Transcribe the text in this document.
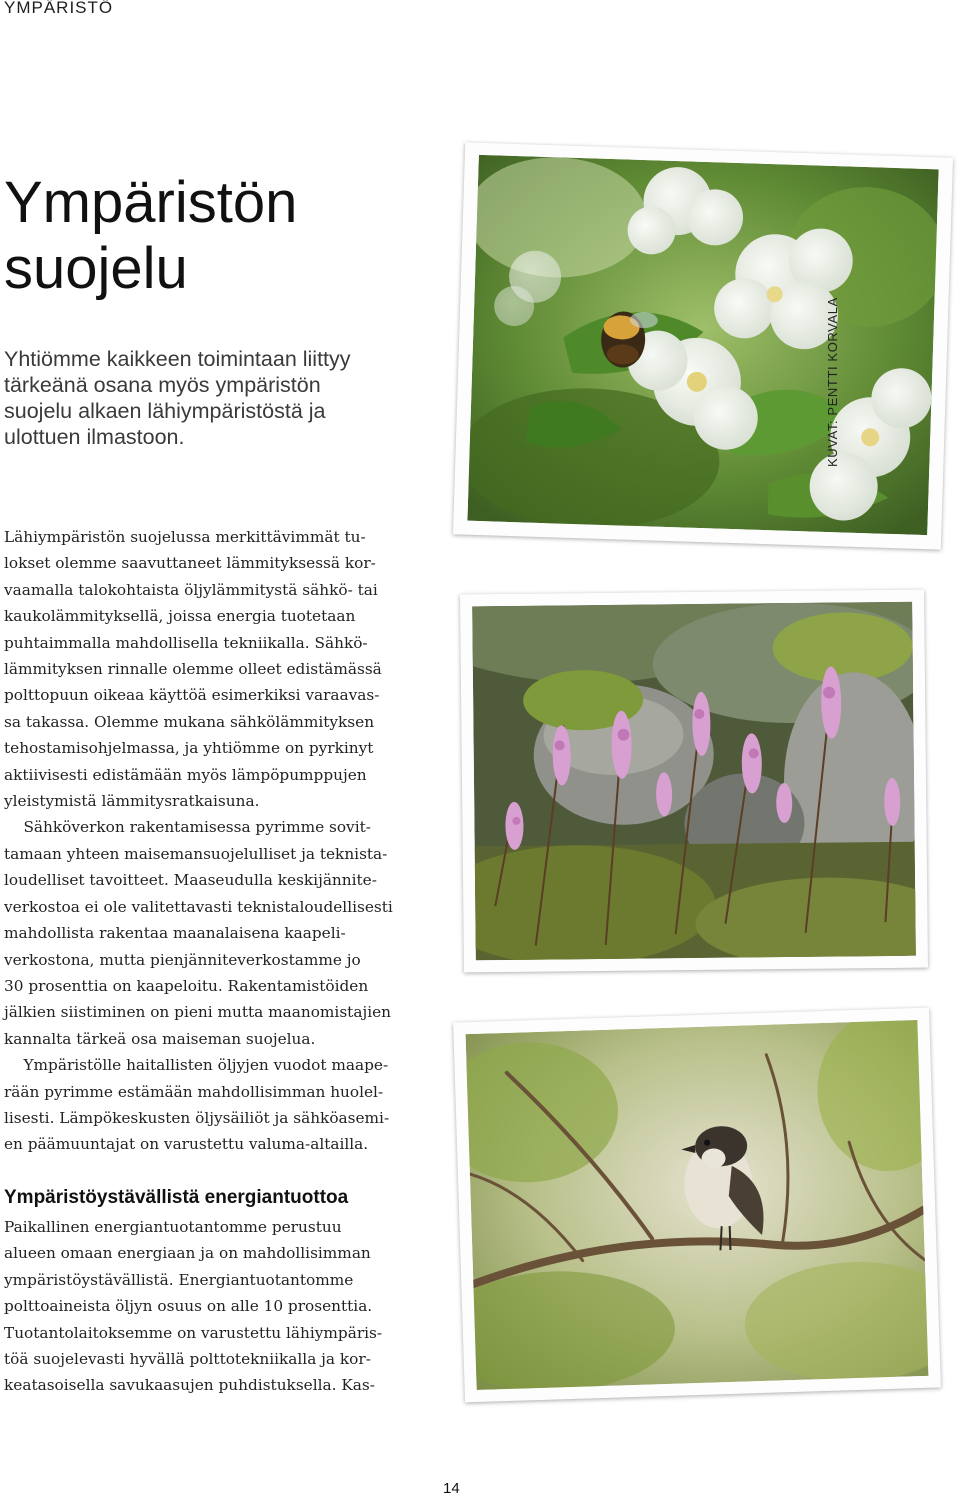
YMPÄRISTÖ
Ympäristön
suojelu
Yhtiömme kaikkeen toimintaan liittyy
tärkeänä osana myös ympäristön
suojelu alkaen lähiympäristöstä ja
ulottuen ilmastoon.

Lähiympäristön suojelussa merkittävimmät tu-

lokset olemme saavuttaneet lämmityksessä kor-

vaamalla talokohtaista öljylämmitystä sähkö- tai

kaukolämmityksellä, joissa energia tuotetaan

puhtaimmalla mahdollisella tekniikalla. Sähkö-

lämmityksen rinnalle olemme olleet edistämässä

polttopuun oikeaa käyttöä esimerkiksi varaavas-

sa takassa. Olemme mukana sähkölämmityksen

tehostamisohjelmassa, ja yhtiömme on pyrkinyt

aktiivisesti edistämään myös lämpöpumppujen

yleistymistä lämmitysratkaisuna.

Sähköverkon rakentamisessa pyrimme sovit-

tamaan yhteen maisemansuojelulliset ja teknista-

loudelliset tavoitteet. Maaseudulla keskijännite-

verkostoa ei ole valitettavasti teknistaloudellisesti

mahdollista rakentaa maanalaisena kaapeli-

verkostona, mutta pienjänniteverkostamme jo

30 prosenttia on kaapeloitu. Rakentamistöiden

jälkien siistiminen on pieni mutta maanomistajien

kannalta tärkeä osa maiseman suojelua.

Ympäristölle haitallisten öljyjen vuodot maape-

rään pyrimme estämään mahdollisimman huolel-

lisesti. Lämpökeskusten öljysäiliöt ja sähköasemi-

en päämuuntajat on varustettu valuma-altailla.

Ympäristöystävällistä energiantuottoa

Paikallinen energiantuotantomme perustuu

alueen omaan energiaan ja on mahdollisimman

ympäristöystävällistä. Energiantuotantomme

polttoaineista öljyn osuus on alle 10 prosenttia.

Tuotantolaitoksemme on varustettu lähiympäris-

töä suojelevasti hyvällä polttotekniikalla ja kor-

keatasoisella savukaasujen puhdistuksella. Kas-

KUVAT: PENTTI KORVALA
14
